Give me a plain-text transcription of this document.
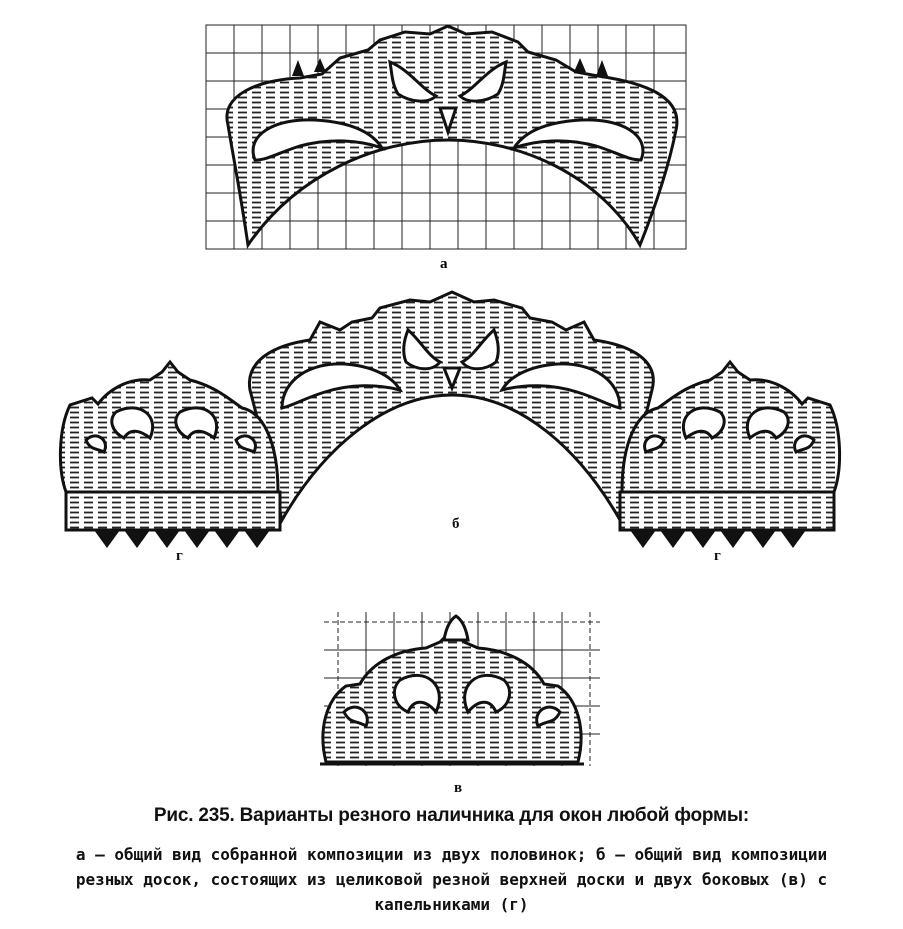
а
б
г	г
в
Рис. 235. Варианты резного наличника для окон любой формы:
а – общий вид собранной композиции из двух половинок; б – общий вид композиции резных досок, состоящих из целиковой резной верхней доски и двух боковых (в) с капельниками (г)
